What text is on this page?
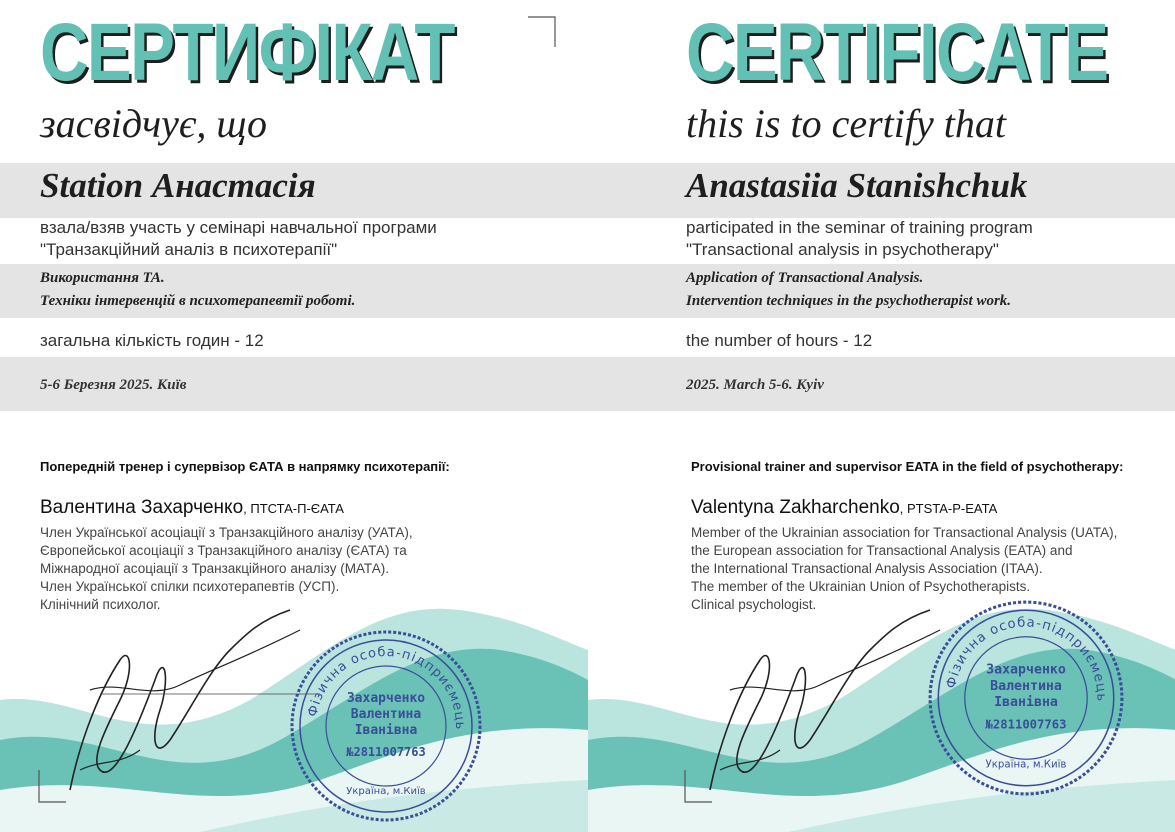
СЕРТИФІКАТ
засвідчує, що
Station Анастасія
взала/взяв участь у семінарі навчальної програми
"Транзакційний аналіз в психотерапії"
Використання ТА.
Техніки інтервенцій в психотерапевтії роботі.
загальна кількість годин - 12
5-6 Березня 2025. Київ
Попередній тренер і супервізор ЄАТА в напрямку психотерапії:
Валентина Захарченко, ПТСТА-П-ЄАТА
Член Української асоціації з Транзакційного аналізу (УАТА),
Європейської асоціації з Транзакційного аналізу (ЄАТА) та
Міжнародної асоціації з Транзакційного аналізу (МАТА).
Член Української спілки психотерапевтів (УСП).
Клінічний психолог.
Фізична особа-підприємець
Захарченко
Валентина
Іванівна
№2811007763
Україна, м.Київ
CERTIFICATE
this is to certify that
Anastasiia Stanishchuk
participated in the seminar of training program
"Transactional analysis in psychotherapy"
Application of Transactional Analysis.
Intervention techniques in the psychotherapist work.
the number of hours - 12
2025. March 5-6. Kyiv
Provisional trainer and supervisor EATA in the field of psychotherapy:
Valentyna Zakharchenko, PTSTA-P-EATA
Member of the Ukrainian association for Transactional Analysis (UATA),
the European association for Transactional Analysis (EATA) and
the International Transactional Analysis Association (ITAA).
The member of the Ukrainian Union of Psychotherapists.
Clinical psychologist.
Фізична особа-підприємець
Захарченко
Валентина
Іванівна
№2811007763
Україна, м.Київ
